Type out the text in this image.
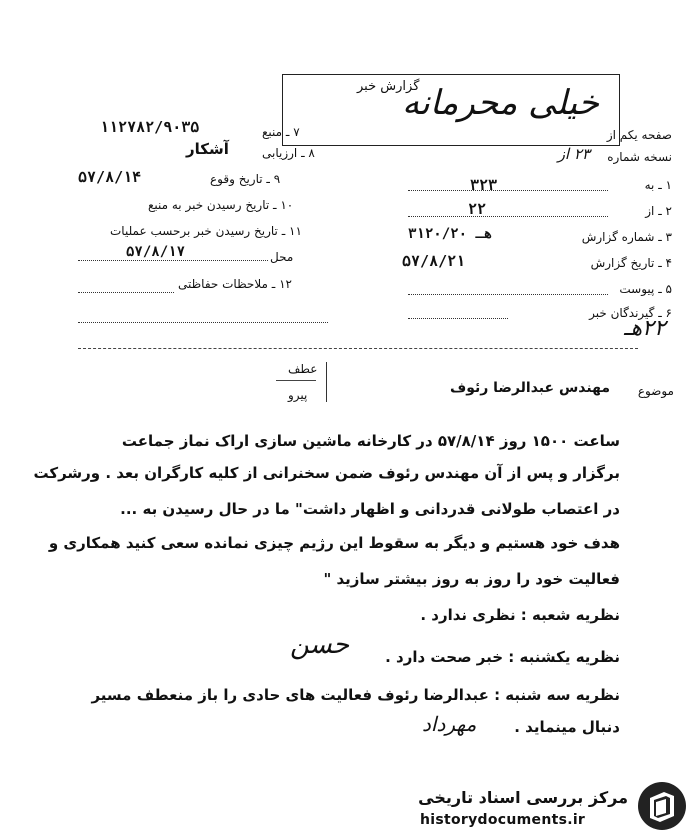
گزارش خبر
خیلی محرمانه
صفحه یکم از
نسخه شماره
۲۳ از
۱۱۲۷۸۲/۹۰۳۵	۷ ـ منبع
۸ ـ ارزیابی
آشکار
۹ ـ تاریخ وقوع
۵۷/۸/۱۴
۱۰ ـ تاریخ رسیدن خبر به منبع
۱۱ ـ تاریخ رسیدن خبر برحسب عملیات
محل
۵۷/۸/۱۷
۱۲ ـ ملاحظات حفاظتی
۱ ـ به
۳۲۳
۲ ـ از
۲۲
۳ ـ شماره گزارش
۳۱۲۰/۲۰ هـ
۴ ـ تاریخ گزارش
۵۷/۸/۲۱
۵ ـ پیوست
۶ ـ گیرندگان خبر
۲۲هـ
عطف
پیرو	موضوع
مهندس عبدالرضا رئوف
ساعت ۱۵۰۰ روز ۵۷/۸/۱۴ در کارخانه ماشین سازی اراک نماز جماعت
برگزار و پس از آن مهندس رئوف ضمن سخنرانی از کلیه کارگران بعد . ورشرکت
در اعتصاب طولانی قدردانی و اظهار داشت" ما در حال رسیدن به ...
هدف خود هستیم و دیگر به سقوط این رژیم چیزی نمانده سعی کنید همکاری و
فعالیت خود را روز به روز بیشتر سازید "
نظریه شعبه : نظری ندارد .
نظریه یکشنبه : خبر صحت دارد .
نظریه سه شنبه : عبدالرضا رئوف فعالیت های حادی را باز منعطف مسیر
دنبال مینماید .
حسن
مهرداد
مرکز بررسی اسناد تاریخی
historydocuments.ir
